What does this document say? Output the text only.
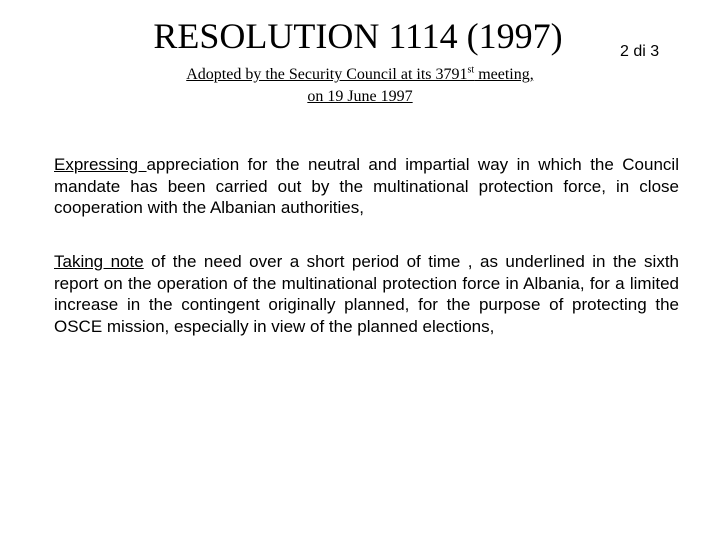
RESOLUTION 1114 (1997)	2 di 3
Adopted by the Security Council at its 3791st meeting,
on 19 June 1997

Expressing appreciation for the neutral and impartial way in which the Council mandate has been carried out by the multinational protection force, in close cooperation with the Albanian authorities,

Taking note of the need over a short period of time , as underlined in the sixth report on the operation of the multinational protection force in Albania, for a limited increase in the contingent originally planned, for the purpose of protecting the OSCE mission, especially in view of the planned elections,
